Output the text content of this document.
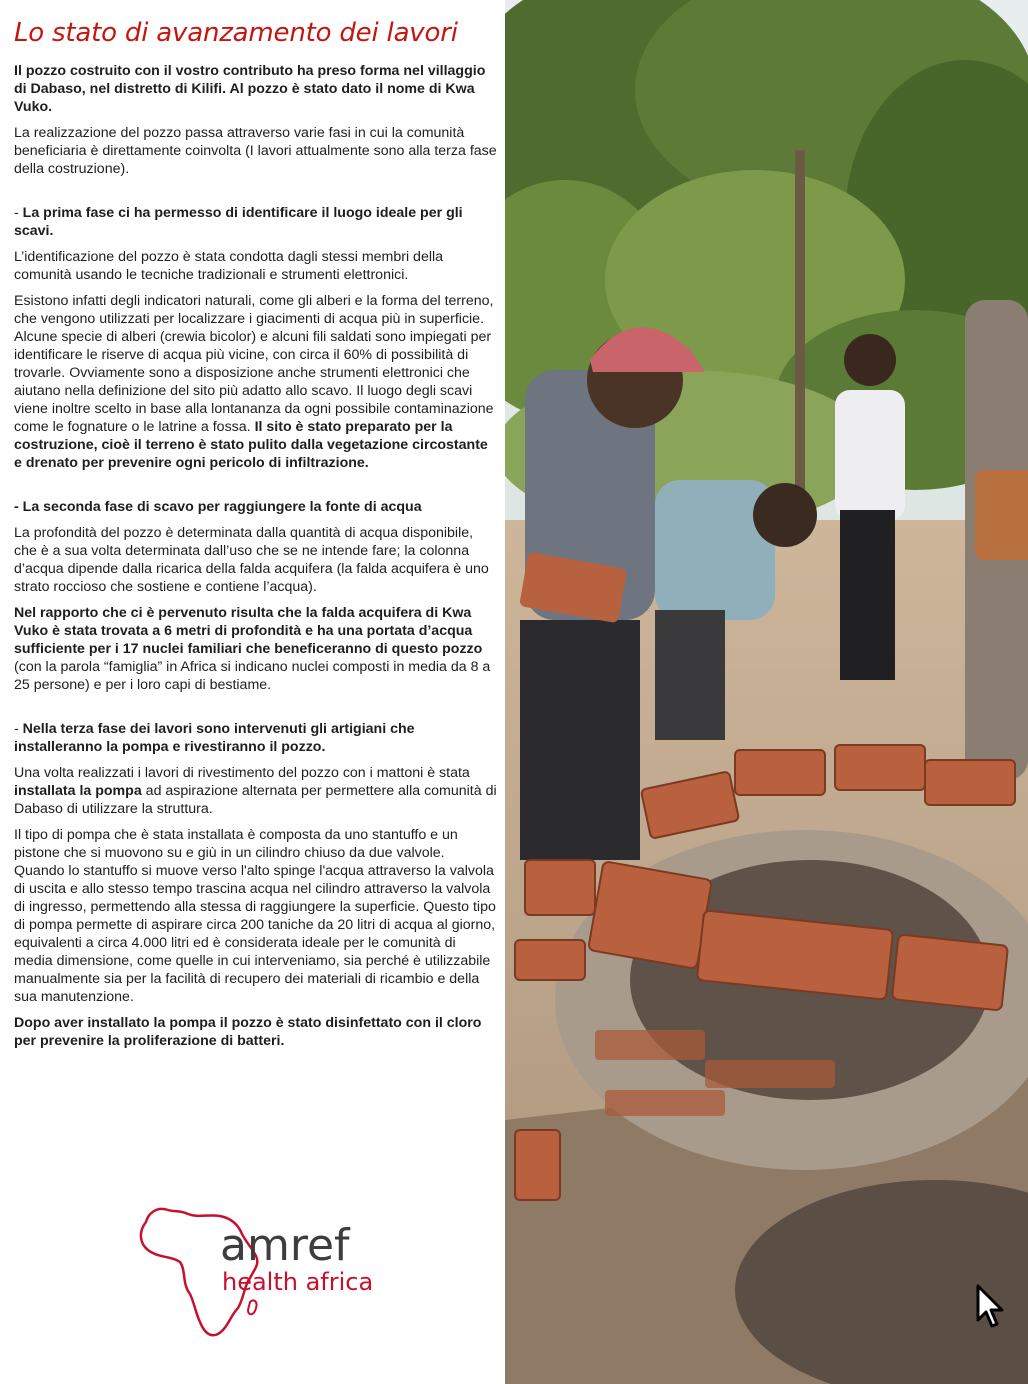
Lo stato di avanzamento dei lavori

Il pozzo costruito con il vostro contributo ha preso forma nel villaggio di Dabaso, nel distretto di Kilifi. Al pozzo è stato dato il nome di Kwa Vuko.

La realizzazione del pozzo passa attraverso varie fasi in cui la comunità beneficiaria è direttamente coinvolta (I lavori attualmente sono alla terza fase della costruzione).

- La prima fase ci ha permesso di identificare il luogo ideale per gli scavi.

L’identificazione del pozzo è stata condotta dagli stessi membri della comunità usando le tecniche tradizionali e strumenti elettronici.

Esistono infatti degli indicatori naturali, come gli alberi e la forma del terreno, che vengono utilizzati per localizzare i giacimenti di acqua più in superficie. Alcune specie di alberi (crewia bicolor) e alcuni fili saldati sono impiegati per identificare le riserve di acqua più vicine, con circa il 60% di possibilità di trovarle. Ovviamente sono a disposizione anche strumenti elettronici che aiutano nella definizione del sito più adatto allo scavo. Il luogo degli scavi viene inoltre scelto in base alla lontananza da ogni possibile contaminazione come le fognature o le latrine a fossa. Il sito è stato preparato per la costruzione, cioè il terreno è stato pulito dalla vegetazione circostante e drenato per prevenire ogni pericolo di infiltrazione.

- La seconda fase di scavo per raggiungere la fonte di acqua

La profondità del pozzo è determinata dalla quantità di acqua disponibile, che è a sua volta determinata dall’uso che se ne intende fare; la colonna d’acqua dipende dalla ricarica della falda acquifera (la falda acquifera è uno strato roccioso che sostiene e contiene l’acqua).

Nel rapporto che ci è pervenuto risulta che la falda acquifera di Kwa Vuko è stata trovata a 6 metri di profondità e ha una portata d’acqua sufficiente per i 17 nuclei familiari che beneficeranno di questo pozzo (con la parola “famiglia” in Africa si indicano nuclei composti in media da 8 a 25 persone) e per i loro capi di bestiame.

- Nella terza fase dei lavori sono intervenuti gli artigiani che installeranno la pompa e rivestiranno il pozzo.

Una volta realizzati i lavori di rivestimento del pozzo con i mattoni è stata installata la pompa ad aspirazione alternata per permettere alla comunità di Dabaso di utilizzare la struttura.

Il tipo di pompa che è stata installata è composta da uno stantuffo e un pistone che si muovono su e giù in un cilindro chiuso da due valvole. Quando lo stantuffo si muove verso l'alto spinge l'acqua attraverso la valvola di uscita e allo stesso tempo trascina acqua nel cilindro attraverso la valvola di ingresso, permettendo alla stessa di raggiungere la superficie. Questo tipo di pompa permette di aspirare circa 200 taniche da 20 litri di acqua al giorno, equivalenti a circa 4.000 litri ed è considerata ideale per le comunità di media dimensione, come quelle in cui interveniamo, sia perché è utilizzabile manualmente sia per la facilità di recupero dei materiali di ricambio e della sua manutenzione.

Dopo aver installato la pompa il pozzo è stato disinfettato con il cloro per prevenire la proliferazione di batteri.

amref
health africa
